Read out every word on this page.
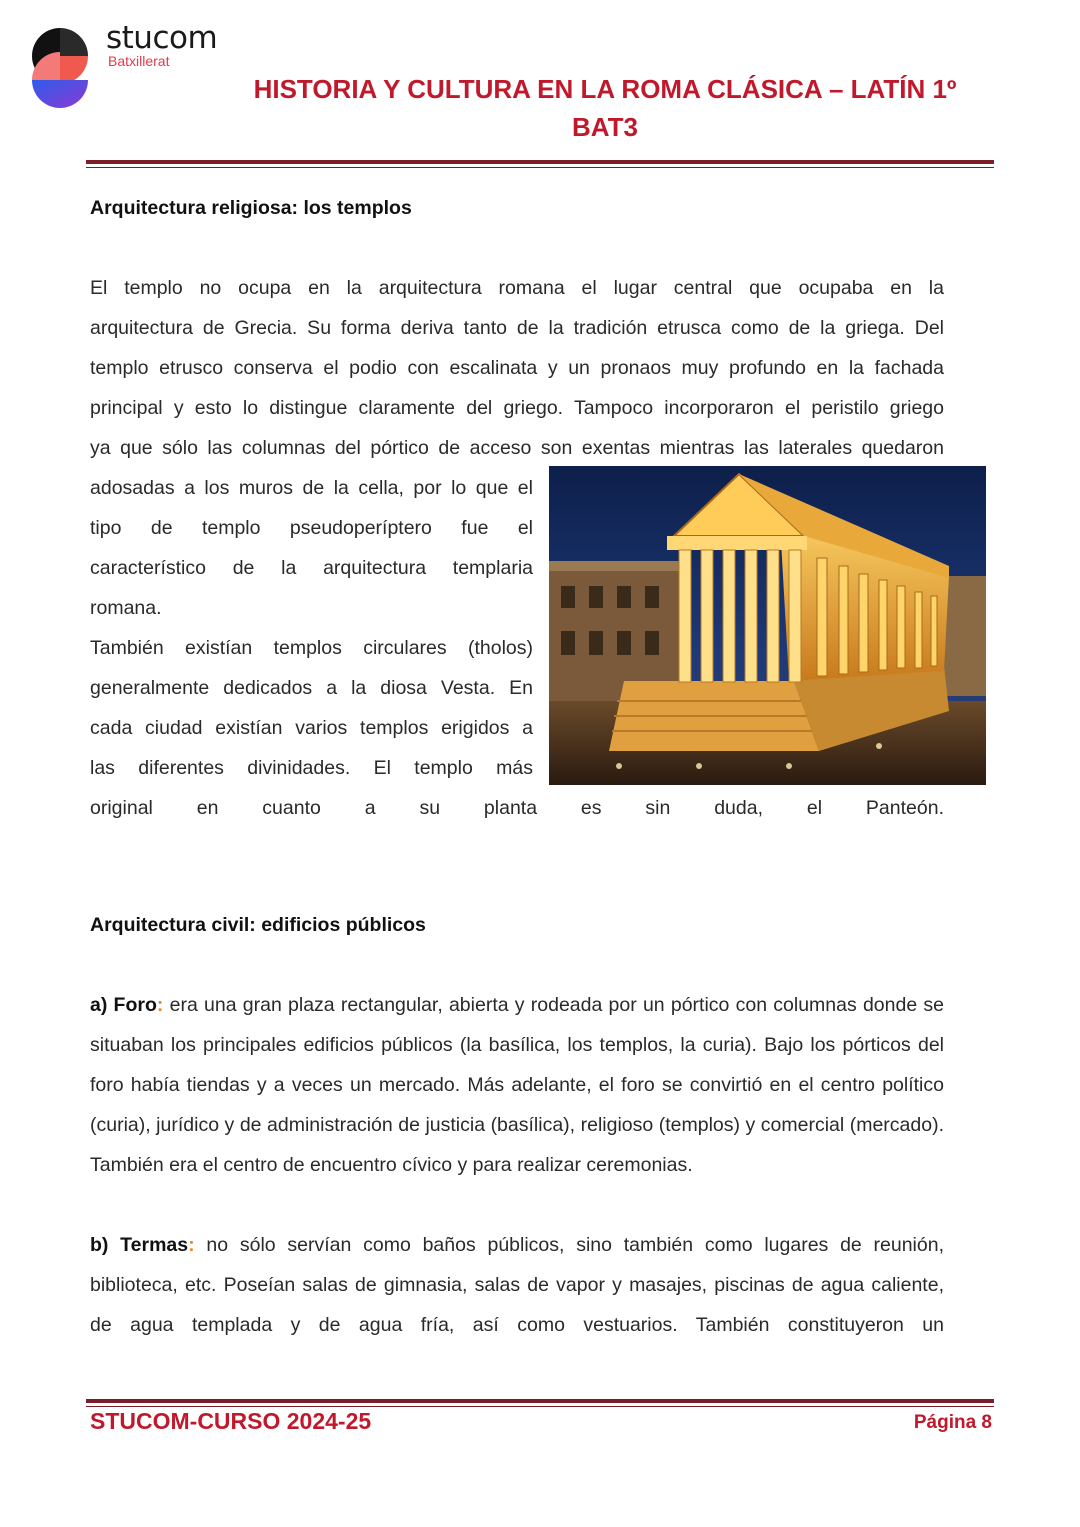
stucom
Batxillerat
HISTORIA Y CULTURA EN LA ROMA CLÁSICA – LATÍN 1º
BAT3
Arquitectura religiosa: los templos
El templo no ocupa en la arquitectura romana el lugar central que ocupaba en la
arquitectura de Grecia. Su forma deriva tanto de la tradición etrusca como de la griega. Del
templo etrusco conserva el podio con escalinata y un pronaos muy profundo en la fachada
principal y esto lo distingue claramente del griego. Tampoco incorporaron el peristilo griego
ya que sólo las columnas del pórtico de acceso son exentas mientras las laterales quedaron
adosadas a los muros de la cella, por lo que el
tipo de templo pseudoperíptero fue el
característico de la arquitectura templaria
romana.
También existían templos circulares (tholos)
generalmente dedicados a la diosa Vesta. En
cada ciudad existían varios templos erigidos a
las diferentes divinidades. El templo más
original en cuanto a su planta es sin duda, el Panteón.
Arquitectura civil: edificios públicos
a) Foro: era una gran plaza rectangular, abierta y rodeada por un pórtico con columnas donde se situaban los principales edificios públicos (la basílica, los templos, la curia). Bajo los pórticos del foro había tiendas y a veces un mercado. Más adelante, el foro se convirtió en el centro político (curia), jurídico y de administración de justicia (basílica), religioso (templos) y comercial (mercado). También era el centro de encuentro cívico y para realizar ceremonias.
b) Termas: no sólo servían como baños públicos, sino también como lugares de reunión, biblioteca, etc. Poseían salas de gimnasia, salas de vapor y masajes, piscinas de agua caliente, de agua templada y de agua fría, así como vestuarios. También constituyeron un
STUCOM-CURSO 2024-25	Página 8
